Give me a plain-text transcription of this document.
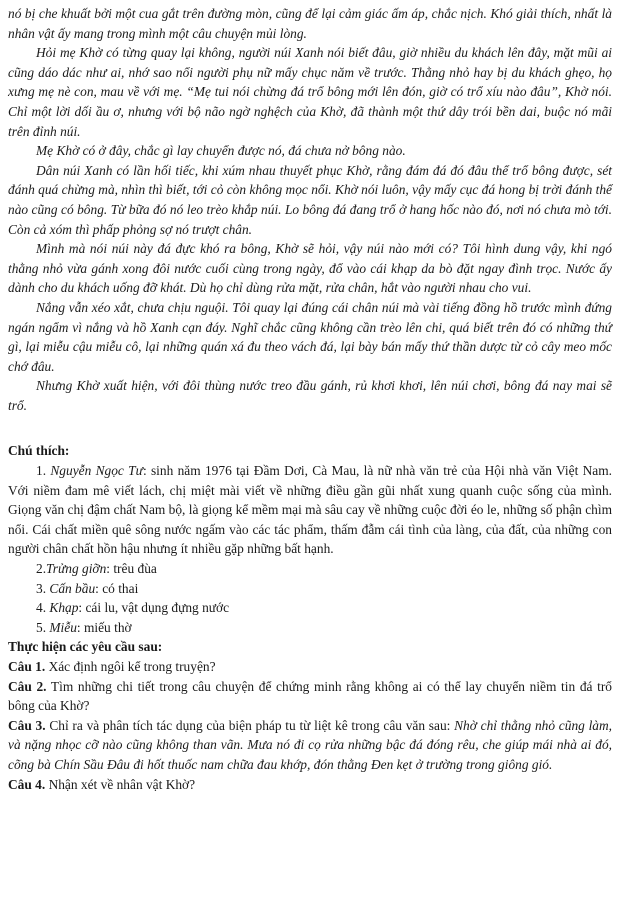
nó bị che khuất bởi một cua gắt trên đường mòn, cũng để lại cảm giác ấm áp, chắc nịch. Khó giải thích, nhất là nhân vật ấy mang trong mình một câu chuyện mủi lòng.

Hỏi mẹ Khờ có từng quay lại không, người núi Xanh nói biết đâu, giờ nhiều du khách lên đây, mặt mũi ai cũng dáo dác như ai, nhớ sao nổi người phụ nữ mấy chục năm về trước. Thằng nhỏ hay bị du khách ghẹo, họ xưng mẹ nè con, mau về với mẹ. “Mẹ tui nói chừng đá trổ bông mới lên đón, giờ có trổ xíu nào đâu”, Khờ nói. Chỉ một lời dối ầu ơ, nhưng với bộ não ngờ nghệch của Khờ, đã thành một thứ dây trói bền dai, buộc nó mãi trên đỉnh núi.

Mẹ Khờ có ở đây, chắc gì lay chuyển được nó, đá chưa nở bông nào.

Dân núi Xanh có lần hối tiếc, khi xúm nhau thuyết phục Khờ, rằng đám đá đó đâu thể trổ bông được, sét đánh quá chừng mà, nhìn thì biết, tới cỏ còn không mọc nổi. Khờ nói luôn, vậy mấy cục đá hong bị trời đánh thể nào cũng có bông. Từ bữa đó nó leo trèo khắp núi. Lo bông đá đang trổ ở hang hốc nào đó, nơi nó chưa mò tới. Còn cả xóm thì phấp phỏng sợ nó trượt chân.

Mình mà nói núi này đá đực khó ra bông, Khờ sẽ hỏi, vậy núi nào mới có? Tôi hình dung vậy, khi ngó thằng nhỏ vừa gánh xong đôi nước cuối cùng trong ngày, đổ vào cái khạp da bò đặt ngay đình trọc. Nước ấy dành cho du khách uống đỡ khát. Dù họ chỉ dùng rửa mặt, rửa chân, hắt vào người nhau cho vui.

Nắng vẫn xéo xắt, chưa chịu nguội. Tôi quay lại đúng cái chân núi mà vài tiếng đồng hồ trước mình đứng ngán ngẩm vì nắng và hồ Xanh cạn đáy. Nghĩ chắc cũng không cần trèo lên chi, quá biết trên đó có những thứ gì, lại miễu cậu miễu cô, lại những quán xá đu theo vách đá, lại bày bán mấy thứ thần dược từ cỏ cây meo mốc chớ đâu.

Nhưng Khờ xuất hiện, với đôi thùng nước treo đầu gánh, rủ khơi khơi, lên núi chơi, bông đá nay mai sẽ trổ.

Chú thích:

1. Nguyễn Ngọc Tư: sinh năm 1976 tại Đầm Dơi, Cà Mau, là nữ nhà văn trẻ của Hội nhà văn Việt Nam. Với niềm đam mê viết lách, chị miệt mài viết về những điều gần gũi nhất xung quanh cuộc sống của mình. Giọng văn chị đậm chất Nam bộ, là giọng kể mềm mại mà sâu cay về những cuộc đời éo le, những số phận chìm nổi. Cái chất miền quê sông nước ngấm vào các tác phẩm, thấm đẫm cái tình của làng, của đất, của những con người chân chất hồn hậu nhưng ít nhiều gặp những bất hạnh.

2.Trửng giỡn: trêu đùa

3. Cấn bầu: có thai

4. Khạp: cái lu, vật dụng đựng nước

5. Miễu: miếu thờ

Thực hiện các yêu cầu sau:

Câu 1. Xác định ngôi kể trong truyện?

Câu 2. Tìm những chi tiết trong câu chuyện để chứng minh rằng không ai có thể lay chuyển niềm tin đá trổ bông của Khờ?

Câu 3. Chỉ ra và phân tích tác dụng của biện pháp tu từ liệt kê trong câu văn sau: Nhờ chỉ thằng nhỏ cũng làm, và nặng nhọc cỡ nào cũng không than vãn. Mưa nó đi cọ rửa những bậc đá đóng rêu, che giúp mái nhà ai đó, cõng bà Chín Sầu Đâu đi hốt thuốc nam chữa đau khớp, đón thằng Đen kẹt ở trường trong giông gió.

Câu 4. Nhận xét về nhân vật Khờ?
